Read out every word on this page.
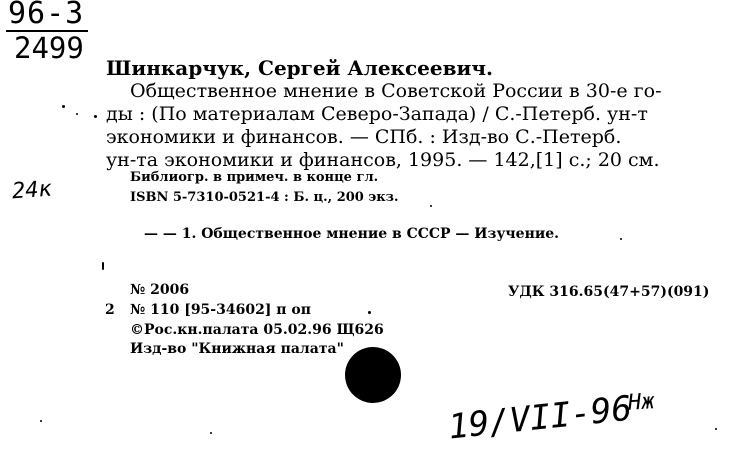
96-3
2499
24к
Шинкарчук, Сергей Алексеевич.
Общественное мнение в Советской России в 30-е го-
ды : (По материалам Северо-Запада) / С.-Петерб. ун-т
экономики и финансов. — СПб. : Изд-во С.-Петерб.
ун-та экономики и финансов, 1995. — 142,[1] с.; 20 см.
Библиогр. в примеч. в конце гл.
ISBN 5-7310-0521-4 : Б. ц., 200 экз.
— — 1. Общественное мнение в СССР — Изучение.
№ 2006	УДК 316.65(47+57)(091)
2 № 110 [95-34602] п оп
©Рос.кн.палата 05.02.96 Щ626
Изд-во "Книжная палата"
19/VII-96
Нж
